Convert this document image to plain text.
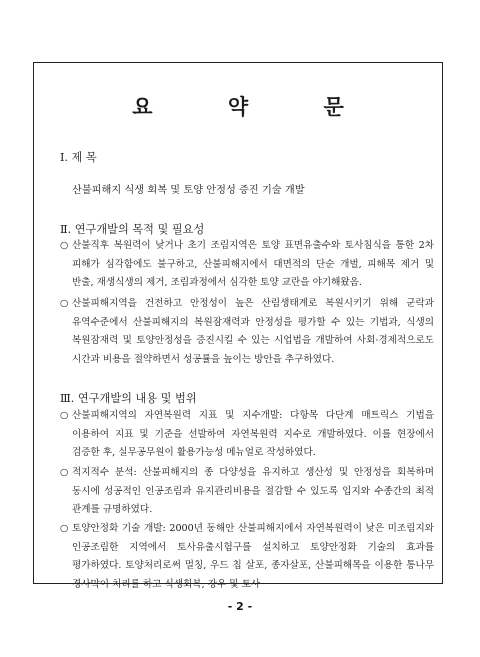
요 약 문
Ⅰ. 제 목
산불피해지 식생 회복 및 토양 안정성 증진 기술 개발
Ⅱ. 연구개발의 목적 및 필요성
○ 산불직후 복원력이 낮거나 초기 조림지역은 토양 표면유출수와 토사침식을 통한 2차 피해가 심각함에도 불구하고, 산불피해지에서 대면적의 단순 개벌, 피해목 제거 및 반출, 재생식생의 제거, 조림과정에서 심각한 토양 교란을 야기해왔음.
○ 산불피해지역을 건전하고 안정성이 높은 산림생태계로 복원시키기 위해 군락과 유역수준에서 산불피해지의 복원잠재력과 안정성을 평가할 수 있는 기법과, 식생의 복원잠재력 및 토양안정성을 증진시킬 수 있는 시업법을 개발하여 사회·경제적으로도 시간과 비용을 절약하면서 성공률을 높이는 방안을 추구하였다.
Ⅲ. 연구개발의 내용 및 범위
○ 산불피해지역의 자연복원력 지표 및 지수개발: 다항목 다단계 매트릭스 기법을 이용하여 지표 및 기준을 선발하여 자연복원력 지수로 개발하였다. 이를 현장에서 검증한 후, 실무공무원이 활용가능성 메뉴얼로 작성하였다.
○ 적지적수 분석: 산불피해지의 종 다양성을 유지하고 생산성 및 안정성을 회복하며 동시에 성공적인 인공조림과 유지관리비용을 절감할 수 있도록 입지와 수종간의 최적 관계를 규명하였다.
○ 토양안정화 기술 개발: 2000년 동해안 산불피해지에서 자연복원력이 낮은 미조림지와 인공조림한 지역에서 토사유출시험구를 설치하고 토양안정화 기술의 효과를 평가하였다. 토양처리로써 멀칭, 우드 칩 살포, 종자살포, 산불피해목을 이용한 통나무 경사막이 처리를 하고 식생회복, 강우 및 토사
- 2 -
